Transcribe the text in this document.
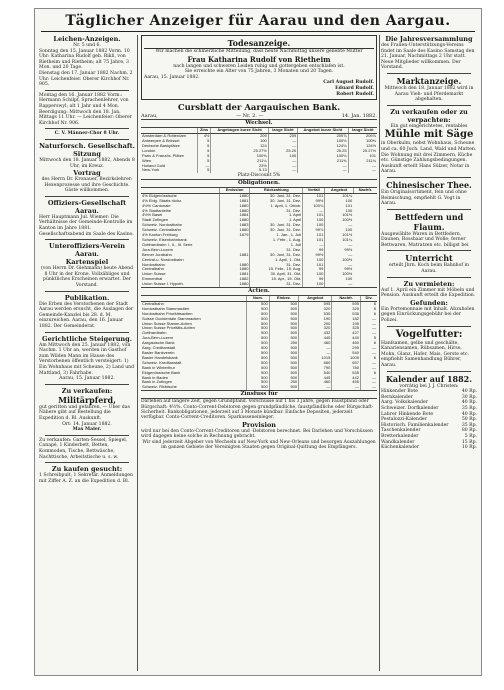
Täglicher Anzeiger für Aarau und den Aargau.
Leichen-Anzeigen.

Nr. 5 und 6.

Sonntag den 15. Januar 1882 Vorm. 10 Uhr: Katharina Rudolf geb. Rikli, von Rietheim und Rietheim; alt 75 Jahre, 3 Mon. und 20 Tage.

Dienstag den 17. Januar 1882 Nachm. 2 Uhr: Leichenfeier. Oberer Kirchhof Nr. 905.

Montag den 16. Januar 1882 Vorm.: Hermann Schilpf, Sprachenlehrer, von Rapperswyl; alt 1 Jahr und 4 Mon.

Beerdigung: Mittwoch den 18. Jan. Mittags 11 Uhr. — Leichenfeier: Oberer Kirchhof Nr. 906.

C. V. Männer-Chor 8 Uhr.

Naturforsch. Gesellschaft.
Sitzung

Mittwoch den 18. Januar 1882, Abends 8 Uhr, im Kreuz.

Vortrag

des Herrn Dr. Kronauer, Bezirkslehrer: Hexenprozesse und ihre Geschichte. Gäste willkommen.

Offiziers-Gesellschaft Aarau.

Herr Hauptmann Jul. Wiemer: Die Verhältnisse der Gemeinde-Kontrolle im Kanton im Jahre 1881. Gesellschaftsabend im Saale des Kasino.

Unteroffiziers-Verein Aarau.
Kartenspiel

(von Herrn Dr. Giehmann) heute Abend 8 Uhr in der Krone. Vollzähliges und pünktliches Erscheinen erwartet. Der Vorstand.

Publikation.

Die Erben des Verstorbenen der Stadt Aarau werden ersucht, die Auslagen der Gemeinde-Kanzlei bis 28. d. M. einzureichen. Aarau, den 16. Januar 1882. Der Gemeinderat.

Gerichtliche Steigerung.

Am Mittwoch den 25. Januar 1882, von Nachm. 1 Uhr an, werden im Gasthof zum Wilden Mann im Hause des Verstorbenen öffentlich versteigert: 1) Ein Wohnhaus mit Scheune, 2) Land und Mattland, 3) Fahrhabe.

Aarau, 15. Januar 1882.

Zu verkaufen:
Militärpferd,

gut geritten und gefahren, — Über das Nähere gibt auf Bestellung die Expedition d. Bl. Auskunft.

Ort: 14. Januar 1882.

Max Maier.

Zu verkaufen: Garten-Sessel, Spiegel, Canapé, 1 Kinderbett, Betten, Kommoden, Tische, Bettwäsche, Nachttische, Arbeitstische u. s. w.

Zu kaufen gesucht:

1 Schreibpult, 1 Sekretär. Anmeldungen mit Ziffer A. Z. an die Expedition d. Bl.

Todesanzeige.

Wir machen die schmerzliche Mitteilung, dass heute Nachmittag unsere geliebte Mutter

Frau Katharina Rudolf von Rietheim

nach langen und schweren Leiden ruhig und gottergeben entschlafen ist.

Sie erreichte ein Alter von 75 Jahren, 3 Monaten und 20 Tagen.

Aarau, 15. Januar 1882.

Carl August Rudolf.

Eduard Rudolf.

Robert Rudolf.

Cursblatt der Aargauischen Bank.
Aarau,	— Nr. 2. —	14. Jan. 1882.
Wechsel.
	Zins	Angebogen kurze Sicht	lange Sicht	Angebot kurze Sicht	lange Sicht
Amsterdam & Rotterdam	4½	209	209	209⅞	209⅞
Antwerpen & Brüssel	5	100	—	100⅛	100⅜
Deutsche Bankplätze	5	124	—	124⅛	124½
London	5	25.27½	25.20	25.25	25.27½
Paris & Französ. Plätze	5	100⅜	100	100⅛	101
Wien	5	211¼	—	211⅜	211¾
Holland Gold	—	23½	—	—	—
New-York	5	5.13	—	—	—

Platz-Discount 5%

Obligationen.
	Emission	Rückzahlung	Verfall	Angebot	Nachfr.
4% Eidgenössische	1880	30. Juni, 31. Dez.	101	101¼	
4% Eidg. Staats rückz.	1881	30. Juni, 31. Dez.	99½	100	
4½% Cantonale	1880	1. April, 1. Oktob.	100¾	101	
4% Stadtanleihe	1880	31. Dez.	—	100	
4½% Basel	1884	1. April	101	101½	
Stadt Zofingen	1880	1. April	100	100½	
Schweiz. Nordostbahn	1883	30. Juni, 31. Dez.	100	—	
Schweiz. Centralbahn	1880	30. Juni, 31. Dez.	99⅞	100	
4% Kanton Freiburg	1879	1. Jan., 1. Juli	101	101½	
Schweiz. Eisenbahnbank		1. Febr., 1. Aug.	101	101¼	
Gotthardbahn I., II., III. Serie		1. Juli	—	—	
Jura-Bern-Luzern		31. Dez.	99	99½	
Berner Jurabahn	1881	30. Juni, 31. Dez.	99½	—	
Central-u. Nordostbahn		1. April, 1. Okt.	100	100½	
Nordostbahn	1880	31. Dez.	101	—	
Centralbahn	1880	15. Febr., 15. Aug.	99	99½	
Union Suisse	1881	30. April, 31. Okt.	100	100½	
Emmenthal	1882	15. Apr., 15. Okt.	99	100	
Union Suisse I. Hypoth.	1880	31. Dez.	100	—	
Actien.
	Nom.	Einbez.	Angebot	Nachfr.	Div.
Centralbahn	500	500	595	595	6
Nordostbahn Stammactien	500	500	320	325	5
Nordostbahn Prioritätsactien	500	500	535	535	6
Suisse Occidentale Stammactien	500	500	190	182	—
Union Suisse Stamm-Actien	500	500	200	195	—
Union Suisse Prioritäts-Actien	500	500	320	325	—
Gotthardbahn	500	500	432	427	—
Jura-Bern-Luzern	500	500	445	440	5
Aargauische Bank	500	250	460	460	6
Aarg. Creditanstalt	500	500	—	295	—
Basler Bankverein	500	500	—	540	—
Basler Handelsbank	500	500	1015	1005	6
Schweiz. Kreditanstalt	500	500	660	657	—
Bank in Winterthur	500	500	790	780	—
Eidgenössische Bank	500	500	540	535	6
Bank in Baden	500	500	445	442	—
Bank in Zofingen	500	250	460	455	—
Schweiz. Rhätische	500	500	—	—	—
Zinsfuss für

Darlehen auf längere Zeit, gegen Grundpfand. Vorschüsse auf 1 bis 3 Jahre, gegen Faustpfand oder Bürgschaft: 4½%. Conto-Corrent-Debitoren gegen grundpfändliche, faustpfändliche oder Bürgschaft-Sicherheit. Bankobligationen, jederzeit auf 3 Monate kündbar. Einfache Depositen, jederzeit verfügbar. Conto-Corrent-Creditoren. Sparkasseneinleger.

Provision

wird nur bei den Conto-Corrent-Creditoren und -Debitoren berechnet. Bei Darlehen und Vorschüssen wird dagegen keine solche in Rechnung gebracht.

Wir sind jederzeit Abgeber von Wechseln auf New-York und New-Orleans und besorgen Auszahlungen im ganzen Gebiete der Vereinigten Staaten gegen Original-Quittung des Empfängers.

Die Jahresversammlung

des Frauen-Unterstützungs-Vereins findet im Saale des Kasino Samstag den 21. Januar, Nachmittags 2 Uhr statt. Neue Mitglieder willkommen. Der Vorstand.

Marktanzeige.

Mittwoch den 18. Januar 1882 wird in Aarau Vieh- und Pferdemarkt abgehalten.

Zu verkaufen oder zu verpachten:

Ein gut eingerichtetes, rentables

Mühle mit Säge

in Oberkulm, nebst Wohnhaus, Scheune und ca. 60 Juch. Land, Wald und Matten. Die Wohnung mit drei Zimmern, Küche etc. Günstige Zahlungsbedingungen. Auskunft erteilt Hans Sülzer, Notar in Aarau.

Chinesischer Thee.

Ein Originalsortiment, fein und ohne Beimischung, empfiehlt G. Vogt in Aarau.

Bettfedern und Flaum.

Ausgewählte Waren in Bettfedern, Daunen, Rosshaar und Wolle; ferner Bettwaren, Matratzen etc. billigst bei

Unterricht

erteilt Jhrn. Koch beim Bahnhof in Aarau.

Zu vermieten:

Auf 1. April ein Zimmer mit Möbeln und Pension. Auskunft erteilt die Expedition.

Gefunden:

Ein Portemonnaie mit Inhalt. Abzuholen gegen Einrückungsgebühr bei der Polizei.

Vogelfutter:

Hanfsamen, gelbe und geschälte, Kanariensamen, Rübsamen, Hirse, Mohn, Glanz, Hafer, Mais, Gerste etc. empfiehlt Samenhandlung Bührer, Aarau.

Kalender auf 1882.

vorrätig bei J. J. Christen:

Hinkender Bote	40 Rp.
Bernkalender	30 Rp.
Aarg. Volkskalender	40 Rp.
Schweizer. Dorfkalender	35 Rp.
Lahrer Hinkende Bote	40 Rp.
Pestalozzi-Kalender	50 Rp.
Historisch. Familienkalender	35 Rp.
Taschenkalender	80 Rp.
Bretterkalender	5 Rp.
Wandkalender	15 Rp.
Küchenkalender	10 Rp.
